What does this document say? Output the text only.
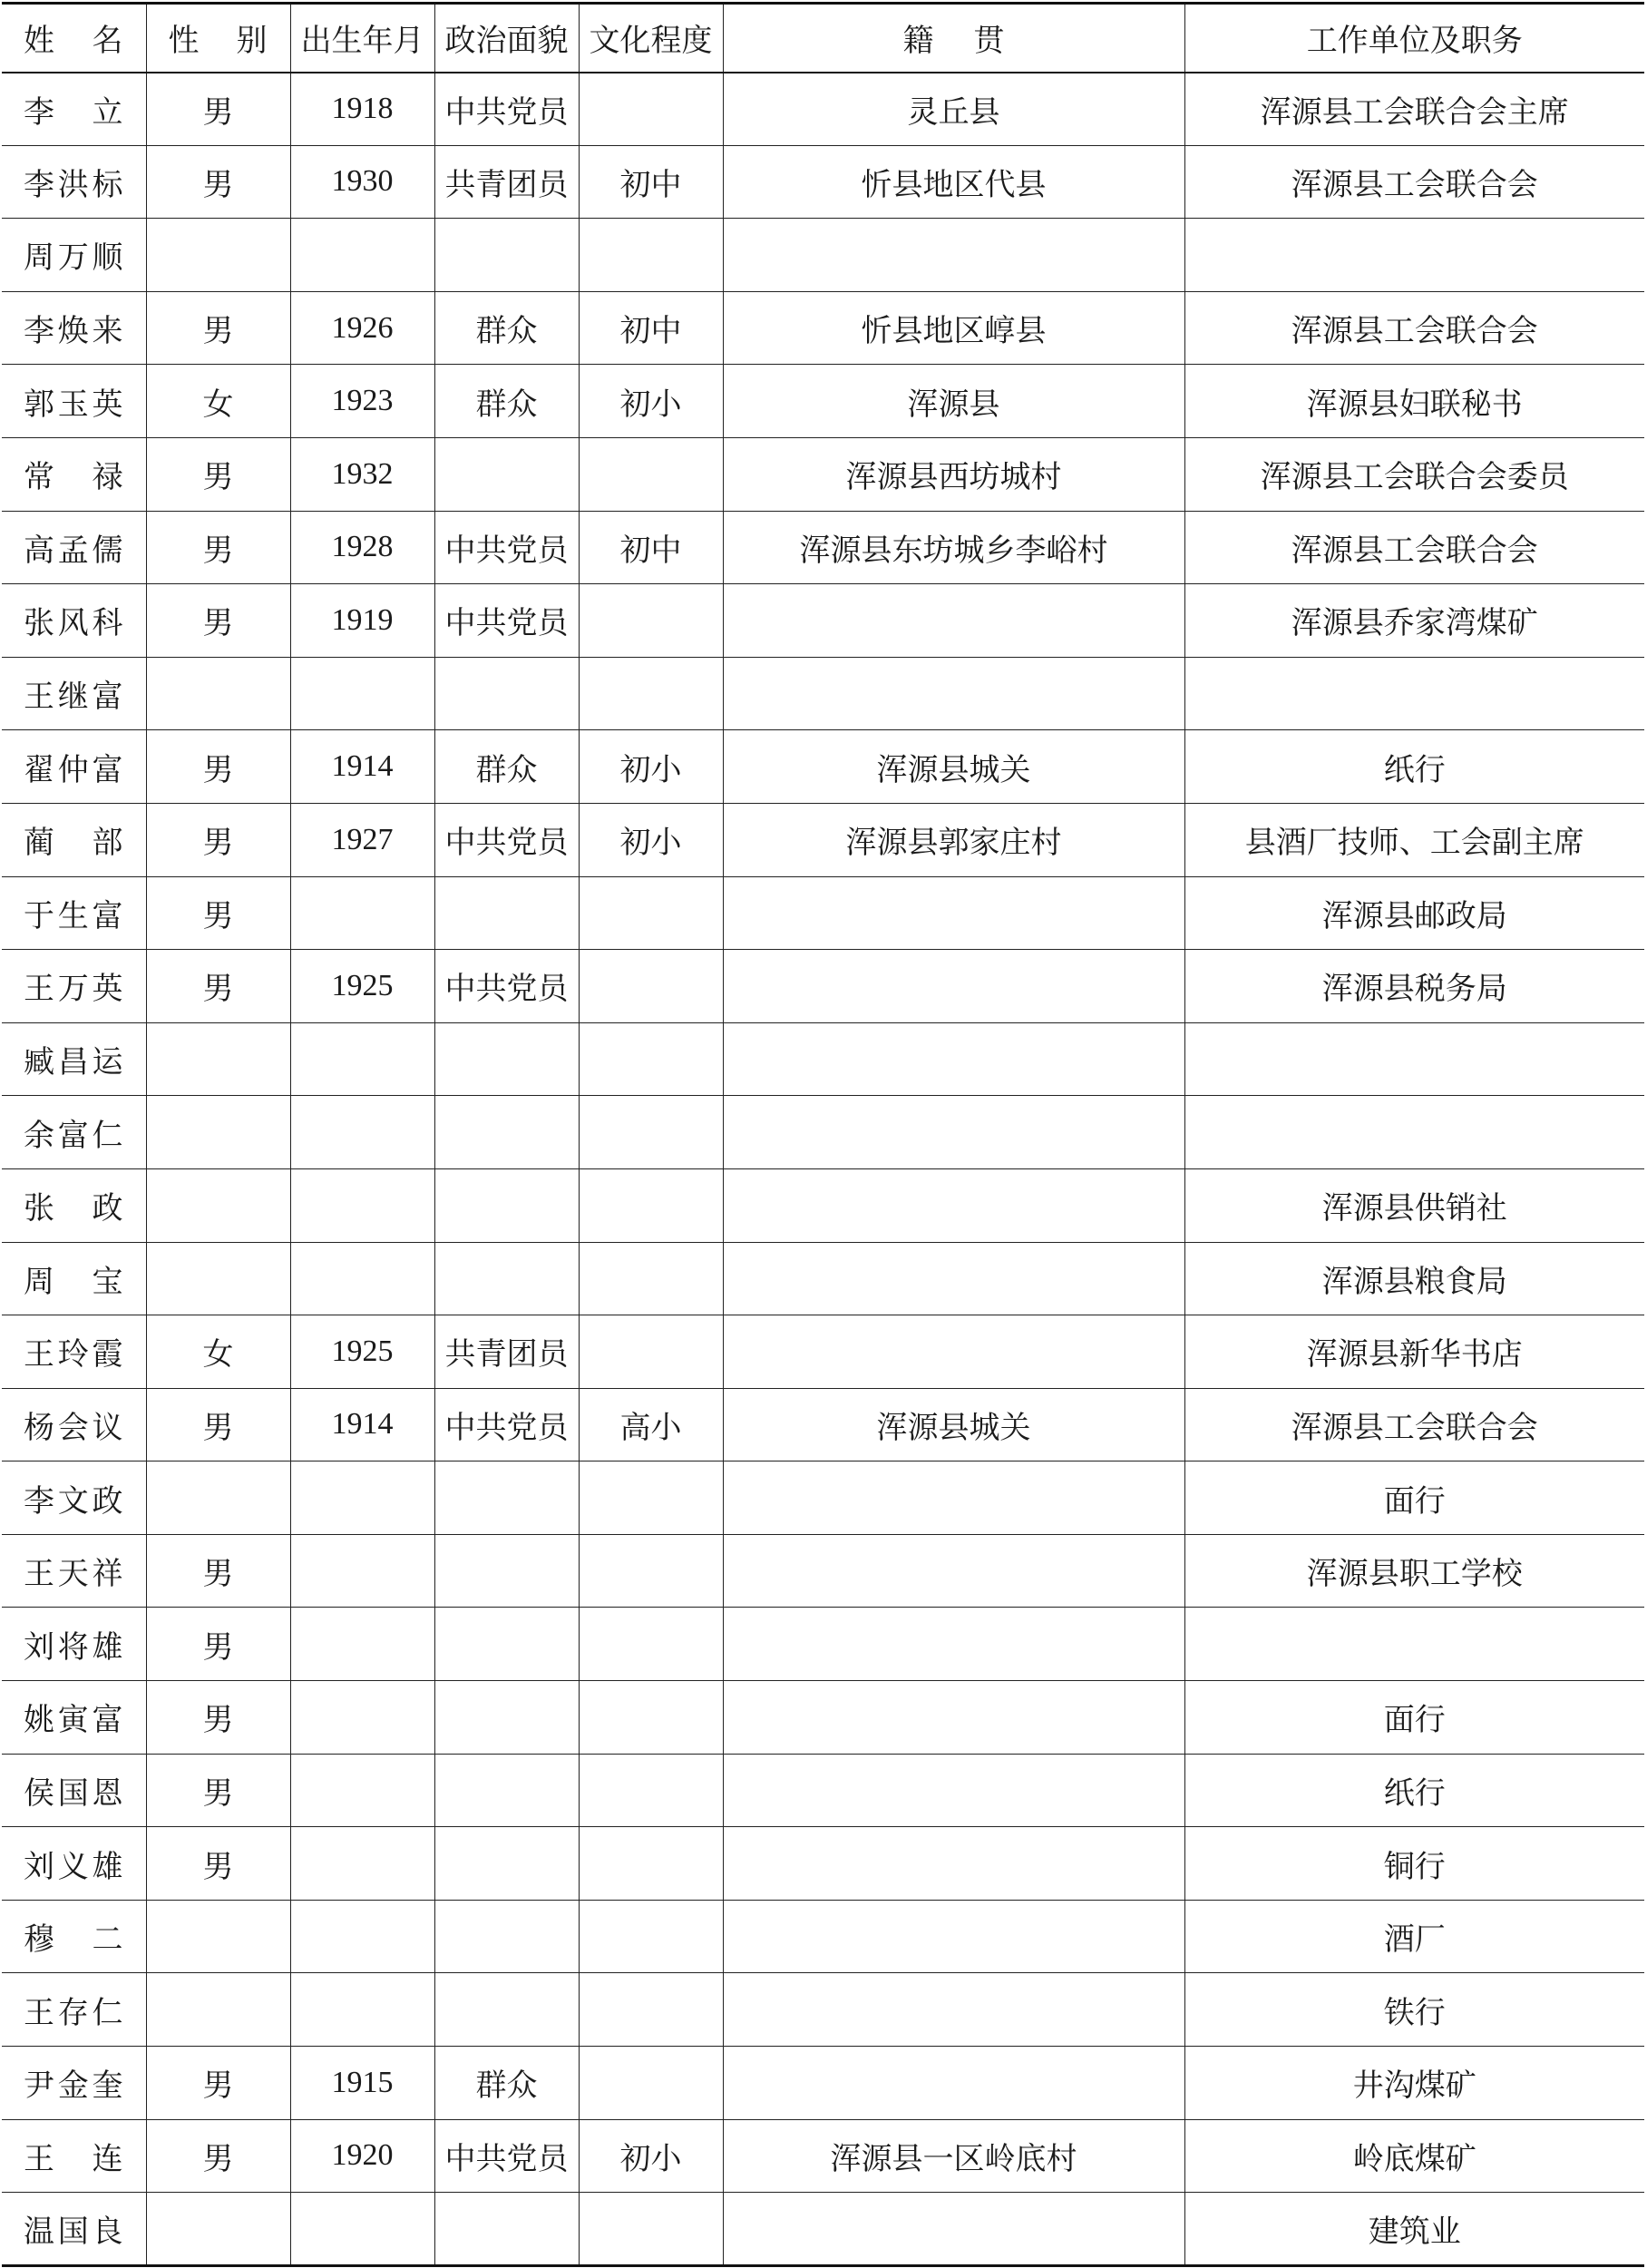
姓　名	性　别	出生年月	政治面貌	文化程度	籍贯	工作单位及职务
李　立	男	1918	中共党员		灵丘县	浑源县工会联合会主席
李洪标	男	1930	共青团员	初中	忻县地区代县	浑源县工会联合会
周万顺						
李焕来	男	1926	群众	初中	忻县地区崞县	浑源县工会联合会
郭玉英	女	1923	群众	初小	浑源县	浑源县妇联秘书
常　禄	男	1932			浑源县西坊城村	浑源县工会联合会委员
高孟儒	男	1928	中共党员	初中	浑源县东坊城乡李峪村	浑源县工会联合会
张风科	男	1919	中共党员			浑源县乔家湾煤矿
王继富						
翟仲富	男	1914	群众	初小	浑源县城关	纸行
蔺　部	男	1927	中共党员	初小	浑源县郭家庄村	县酒厂技师、工会副主席
于生富	男					浑源县邮政局
王万英	男	1925	中共党员			浑源县税务局
臧昌运						
余富仁						
张　政						浑源县供销社
周　宝						浑源县粮食局
王玲霞	女	1925	共青团员			浑源县新华书店
杨会议	男	1914	中共党员	高小	浑源县城关	浑源县工会联合会
李文政						面行
王天祥	男					浑源县职工学校
刘将雄	男					
姚寅富	男					面行
侯国恩	男					纸行
刘义雄	男					铜行
穆　二						酒厂
王存仁						铁行
尹金奎	男	1915	群众			井沟煤矿
王　连	男	1920	中共党员	初小	浑源县一区岭底村	岭底煤矿
温国良						建筑业
